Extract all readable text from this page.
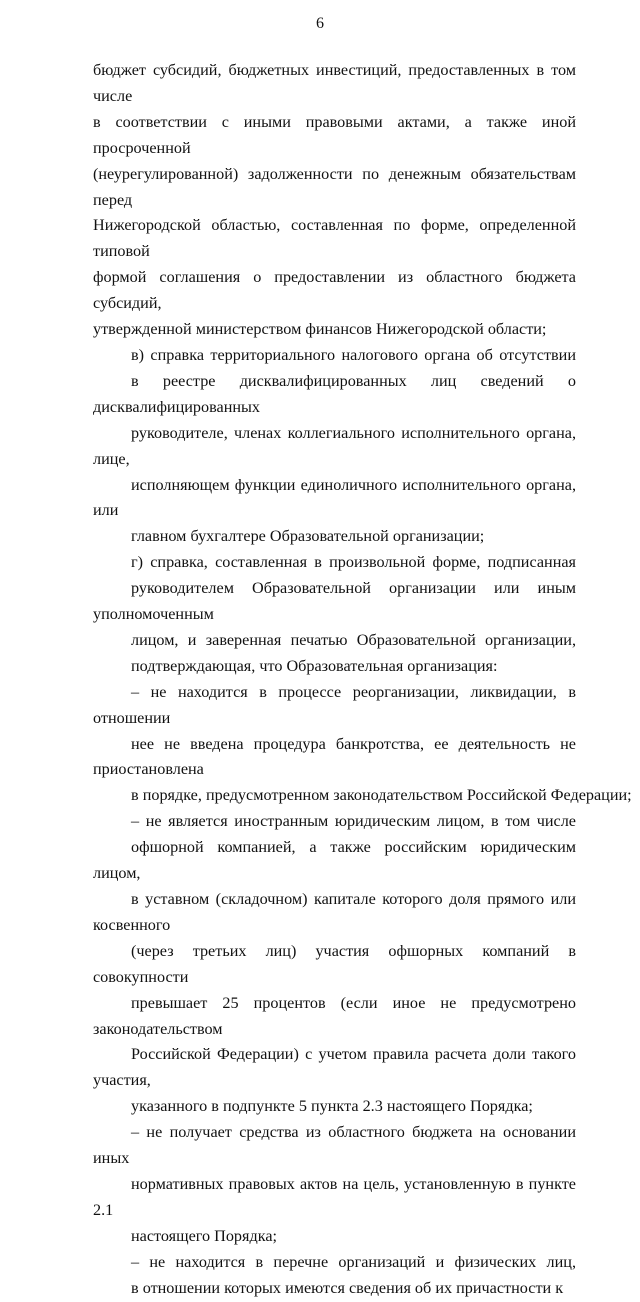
6

бюджет субсидий, бюджетных инвестиций, предоставленных в том числе
в соответствии с иными правовыми актами, а также иной просроченной
(неурегулированной) задолженности по денежным обязательствам перед
Нижегородской областью, составленная по форме, определенной типовой
формой соглашения о предоставлении из областного бюджета субсидий,
утвержденной министерством финансов Нижегородской области;

в) справка территориального налогового органа об отсутствии
в реестре дисквалифицированных лиц сведений о дисквалифицированных
руководителе, членах коллегиального исполнительного органа, лице,
исполняющем функции единоличного исполнительного органа, или
главном бухгалтере Образовательной организации;

г) справка, составленная в произвольной форме, подписанная
руководителем Образовательной организации или иным уполномоченным
лицом, и заверенная печатью Образовательной организации,
подтверждающая, что Образовательная организация:

– не находится в процессе реорганизации, ликвидации, в отношении
нее не введена процедура банкротства, ее деятельность не приостановлена
в порядке, предусмотренном законодательством Российской Федерации;

– не является иностранным юридическим лицом, в том числе
офшорной компанией, а также российским юридическим лицом,
в уставном (складочном) капитале которого доля прямого или косвенного
(через третьих лиц) участия офшорных компаний в совокупности
превышает 25 процентов (если иное не предусмотрено законодательством
Российской Федерации) с учетом правила расчета доли такого участия,
указанного в подпункте 5 пункта 2.3 настоящего Порядка;

– не получает средства из областного бюджета на основании иных
нормативных правовых актов на цель, установленную в пункте 2.1
настоящего Порядка;

– не находится в перечне организаций и физических лиц,
в отношении которых имеются сведения об их причастности к
